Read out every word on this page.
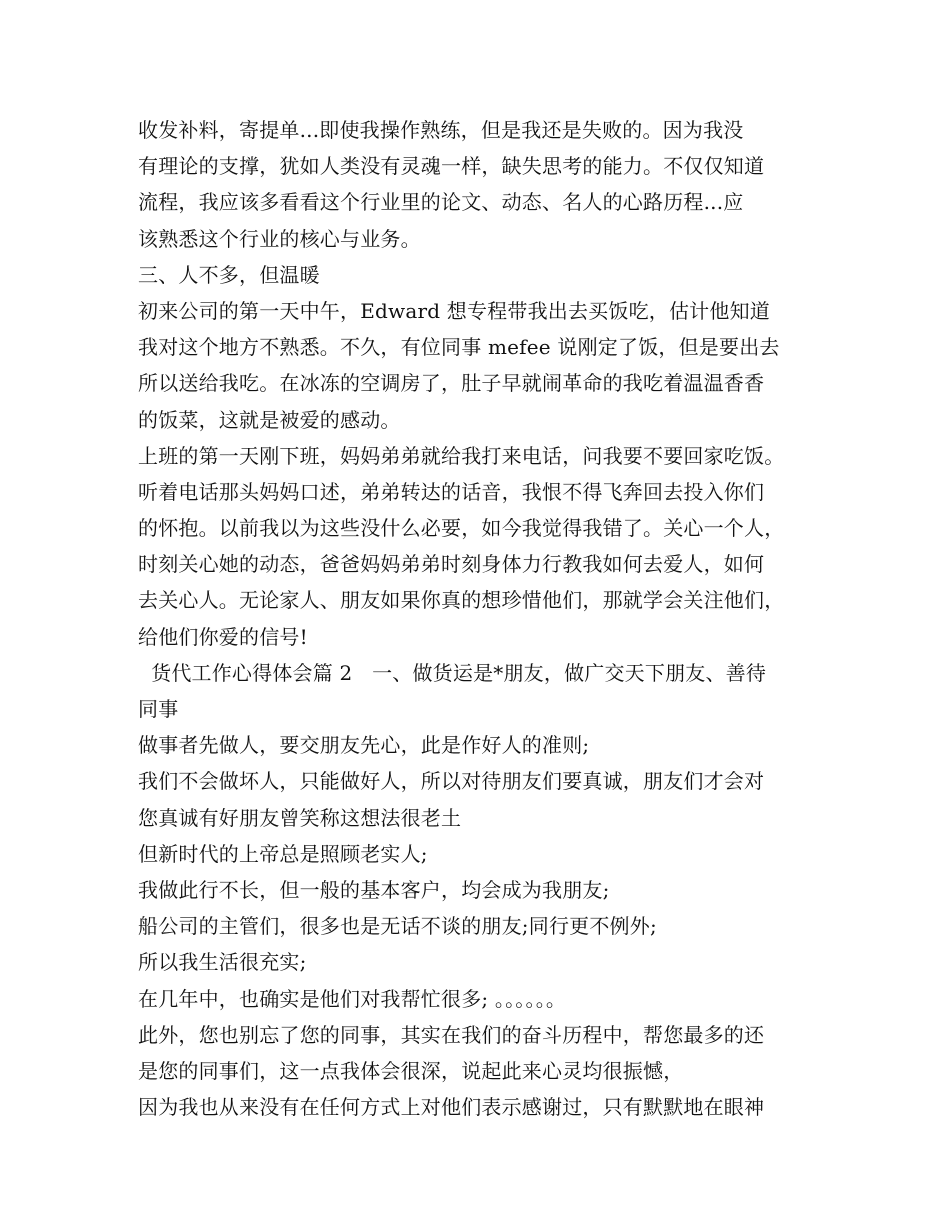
收发补料，寄提单...即使我操作熟练，但是我还是失败的。因为我没
有理论的支撑，犹如人类没有灵魂一样，缺失思考的能力。不仅仅知道
流程，我应该多看看这个行业里的论文、动态、名人的心路历程...应
该熟悉这个行业的核心与业务。
三、人不多，但温暖
初来公司的第一天中午，Edward 想专程带我出去买饭吃，估计他知道
我对这个地方不熟悉。不久，有位同事 mefee 说刚定了饭，但是要出去
所以送给我吃。在冰冻的空调房了，肚子早就闹革命的我吃着温温香香
的饭菜，这就是被爱的感动。
上班的第一天刚下班，妈妈弟弟就给我打来电话，问我要不要回家吃饭。
听着电话那头妈妈口述，弟弟转达的话音，我恨不得飞奔回去投入你们
的怀抱。以前我以为这些没什么必要，如今我觉得我错了。关心一个人，
时刻关心她的动态，爸爸妈妈弟弟时刻身体力行教我如何去爱人，如何
去关心人。无论家人、朋友如果你真的想珍惜他们，那就学会关注他们，
给他们你爱的信号!
货代工作心得体会篇 2   一、做货运是*朋友，做广交天下朋友、善待
同事
做事者先做人，要交朋友先心，此是作好人的准则;
我们不会做坏人，只能做好人，所以对待朋友们要真诚，朋友们才会对
您真诚有好朋友曾笑称这想法很老土
但新时代的上帝总是照顾老实人;
我做此行不长，但一般的基本客户，均会成为我朋友;
船公司的主管们，很多也是无话不谈的朋友;同行更不例外;
所以我生活很充实;
在几年中，也确实是他们对我帮忙很多; 。。。。。。
此外，您也别忘了您的同事，其实在我们的奋斗历程中，帮您最多的还
是您的同事们，这一点我体会很深，说起此来心灵均很振憾，
因为我也从来没有在任何方式上对他们表示感谢过，只有默默地在眼神
